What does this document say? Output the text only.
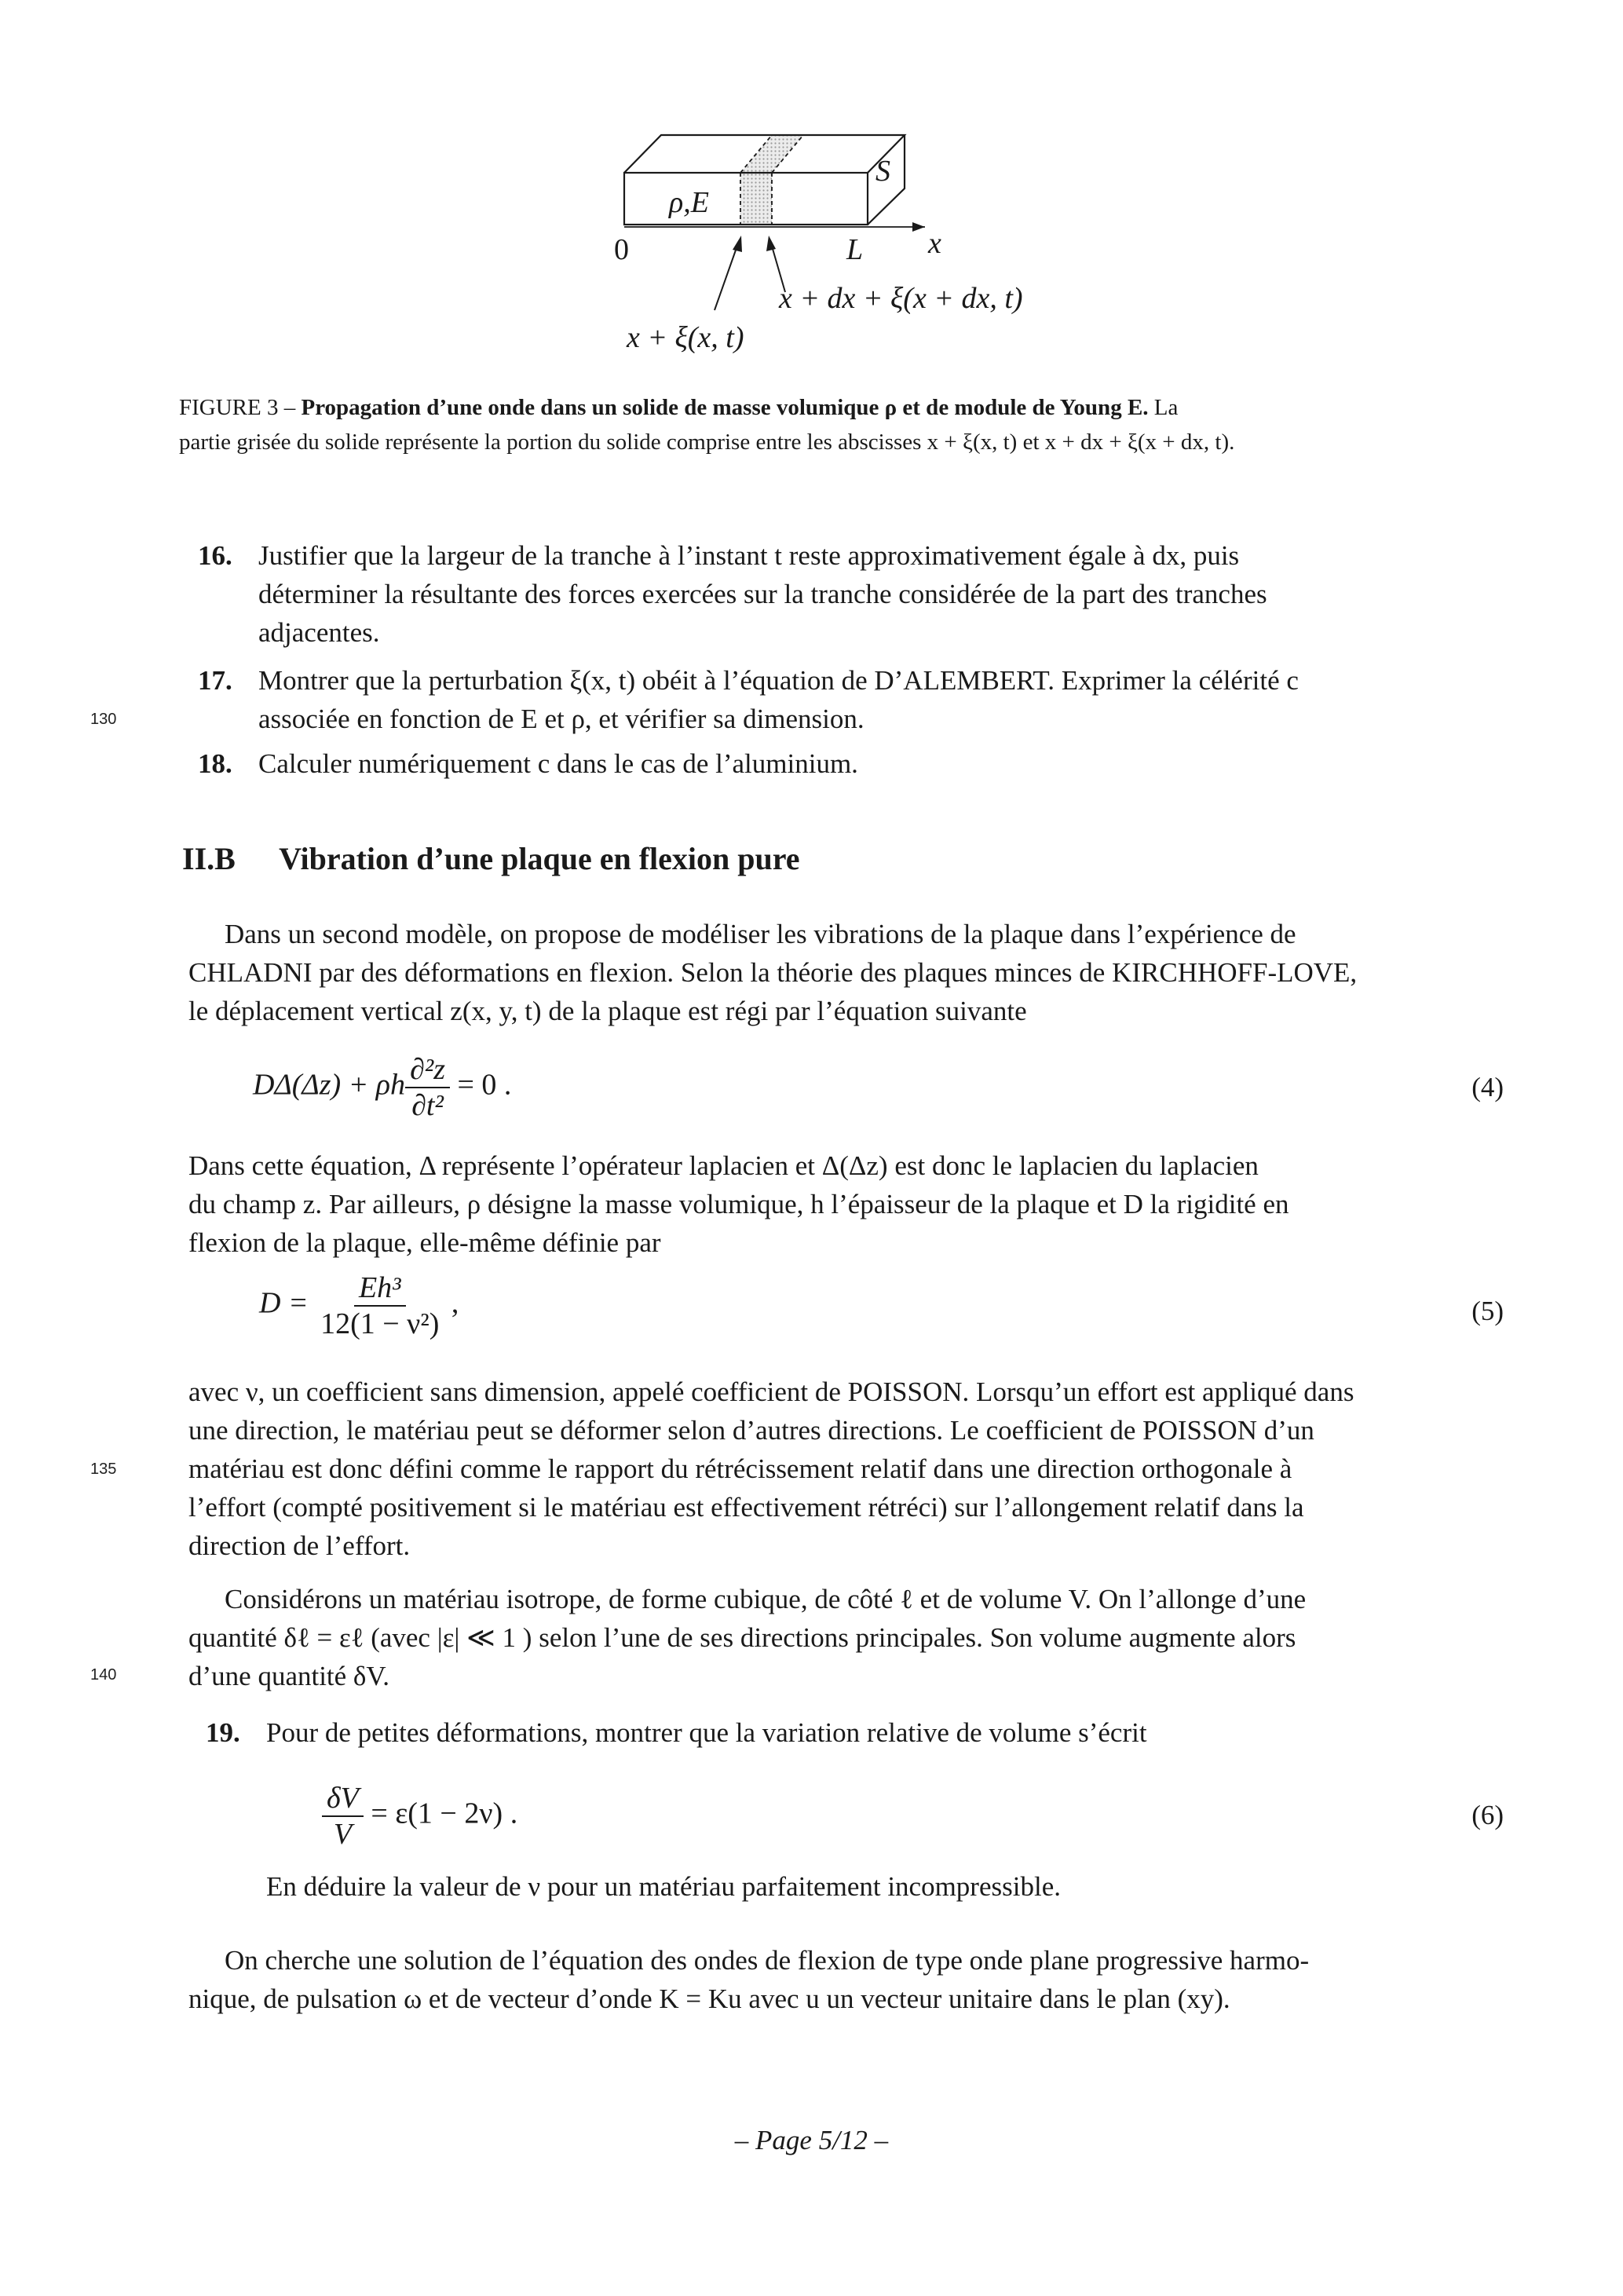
ρ,E
S
0	L x
x + dx + ξ(x + dx, t)
x + ξ(x, t)
FIGURE 3 – Propagation d’une onde dans un solide de masse volumique ρ et de module de Young E. La
partie grisée du solide représente la portion du solide comprise entre les abscisses x + ξ(x, t) et x + dx + ξ(x + dx, t).
16. Justifier que la largeur de la tranche à l’instant t reste approximativement égale à dx, puis
déterminer la résultante des forces exercées sur la tranche considérée de la part des tranches
adjacentes.
17. Montrer que la perturbation ξ(x, t) obéit à l’équation de D’ALEMBERT. Exprimer la célérité c
associée en fonction de E et ρ, et vérifier sa dimension.
130
18. Calculer numériquement c dans le cas de l’aluminium.
II.B Vibration d’une plaque en flexion pure
Dans un second modèle, on propose de modéliser les vibrations de la plaque dans l’expérience de
CHLADNI par des déformations en flexion. Selon la théorie des plaques minces de KIRCHHOFF-LOVE,
le déplacement vertical z(x, y, t) de la plaque est régi par l’équation suivante
DΔ(Δz) + ρh $\frac{\text{∂²z}}{\text{∂t²}} = 0$ .	(4)
Dans cette équation, Δ représente l’opérateur laplacien et Δ(Δz) est donc le laplacien du laplacien
du champ z. Par ailleurs, ρ désigne la masse volumique, h l’épaisseur de la plaque et D la rigidité en
flexion de la plaque, elle-même définie par
$D = \frac{\text{Eh³}}{\text{12(1 − ν²)}}$ ,	(5)
avec ν, un coefficient sans dimension, appelé coefficient de POISSON. Lorsqu’un effort est appliqué dans
une direction, le matériau peut se déformer selon d’autres directions. Le coefficient de POISSON d’un
matériau est donc défini comme le rapport du rétrécissement relatif dans une direction orthogonale à
l’effort (compté positivement si le matériau est effectivement rétréci) sur l’allongement relatif dans la
direction de l’effort.
135
Considérons un matériau isotrope, de forme cubique, de côté ℓ et de volume V. On l’allonge d’une
quantité δℓ = εℓ (avec |ε| ≪ 1 ) selon l’une de ses directions principales. Son volume augmente alors
d’une quantité δV.
140
19. Pour de petites déformations, montrer que la variation relative de volume s’écrit
$\frac{\delta V}{V} = \varepsilon(1 - 2\nu)$ .	(6)
En déduire la valeur de ν pour un matériau parfaitement incompressible.
On cherche une solution de l’équation des ondes de flexion de type onde plane progressive harmo-
nique, de pulsation ω et de vecteur d’onde K = Ku avec u un vecteur unitaire dans le plan (xy).
– Page 5/12 –
